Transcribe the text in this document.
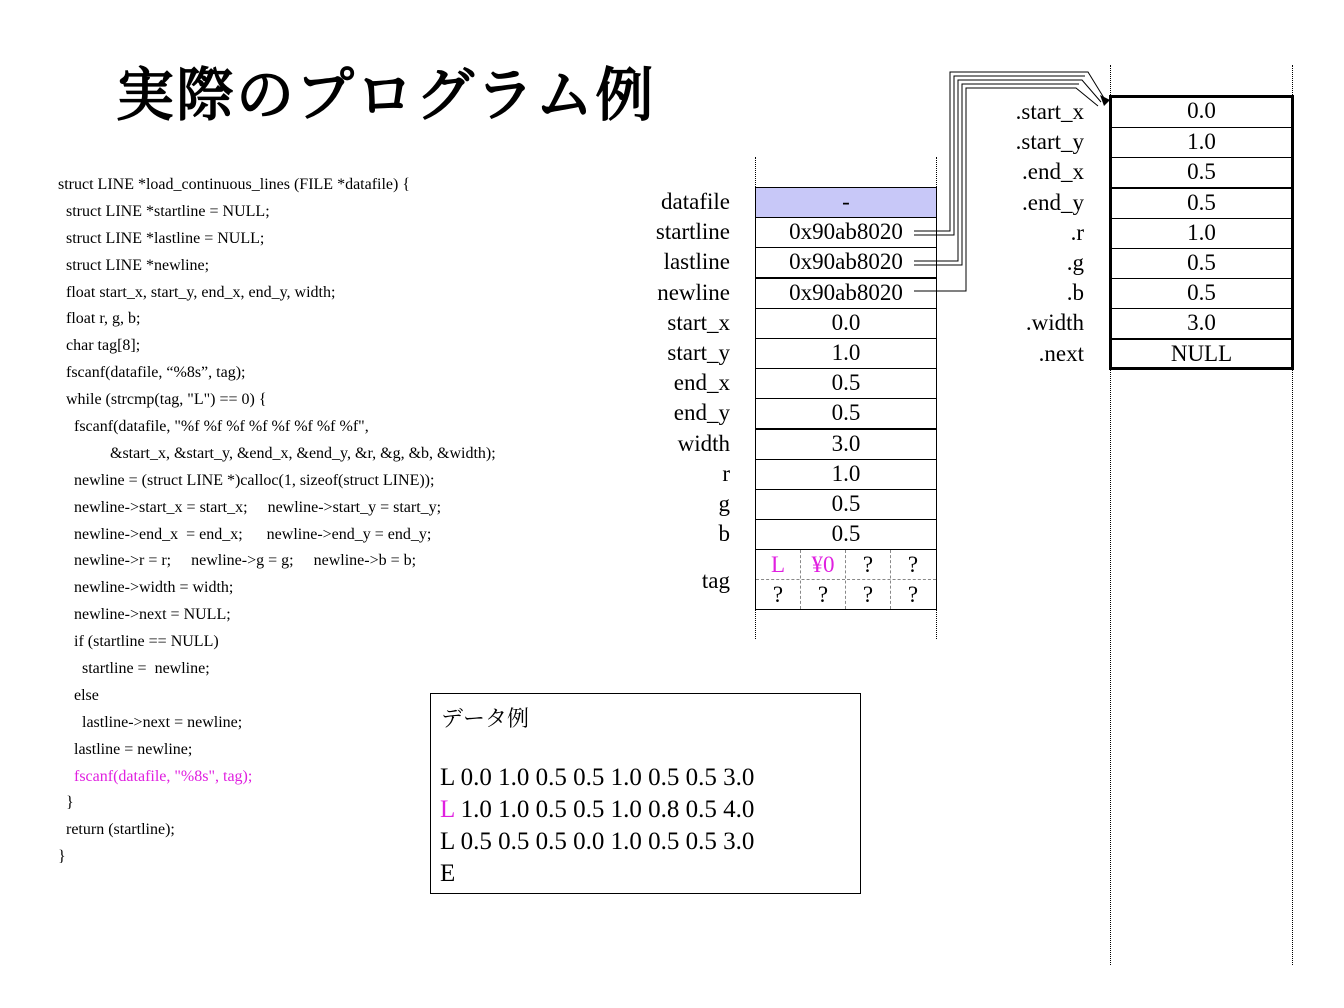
実際のプログラム例
struct LINE *load_continuous_lines (FILE *datafile) {
struct LINE *startline = NULL;
struct LINE *lastline = NULL;
struct LINE *newline;
float start_x, start_y, end_x, end_y, width;
float r, g, b;
char tag[8];
fscanf(datafile, “%8s”, tag);
while (strcmp(tag, "L") == 0) {
fscanf(datafile, "%f %f %f %f %f %f %f %f",
&start_x, &start_y, &end_x, &end_y, &r, &g, &b, &width);
newline = (struct LINE *)calloc(1, sizeof(struct LINE));
newline->start_x = start_x;     newline->start_y = start_y;
newline->end_x  = end_x;      newline->end_y = end_y;
newline->r = r;     newline->g = g;     newline->b = b;
newline->width = width;
newline->next = NULL;
if (startline == NULL)
startline =  newline;
else
lastline->next = newline;
lastline = newline;
fscanf(datafile, "%8s", tag);
}
return (startline);
}
datafile	-
startline	0x90ab8020
lastline	0x90ab8020
newline	0x90ab8020
start_x	0.0
start_y	1.0
end_x	0.5
end_y	0.5
width	3.0
r	1.0
g	0.5
b	0.5
tag
L	¥0	?	?
?	?	?	?
.start_x	0.0
.start_y	1.0
.end_x	0.5
.end_y	0.5
.r	1.0
.g	0.5
.b	0.5
.width	3.0
.next	NULL
データ例
L 0.0 1.0 0.5 0.5 1.0 0.5 0.5 3.0
L 1.0 1.0 0.5 0.5 1.0 0.8 0.5 4.0
L 0.5 0.5 0.5 0.0 1.0 0.5 0.5 3.0
E
